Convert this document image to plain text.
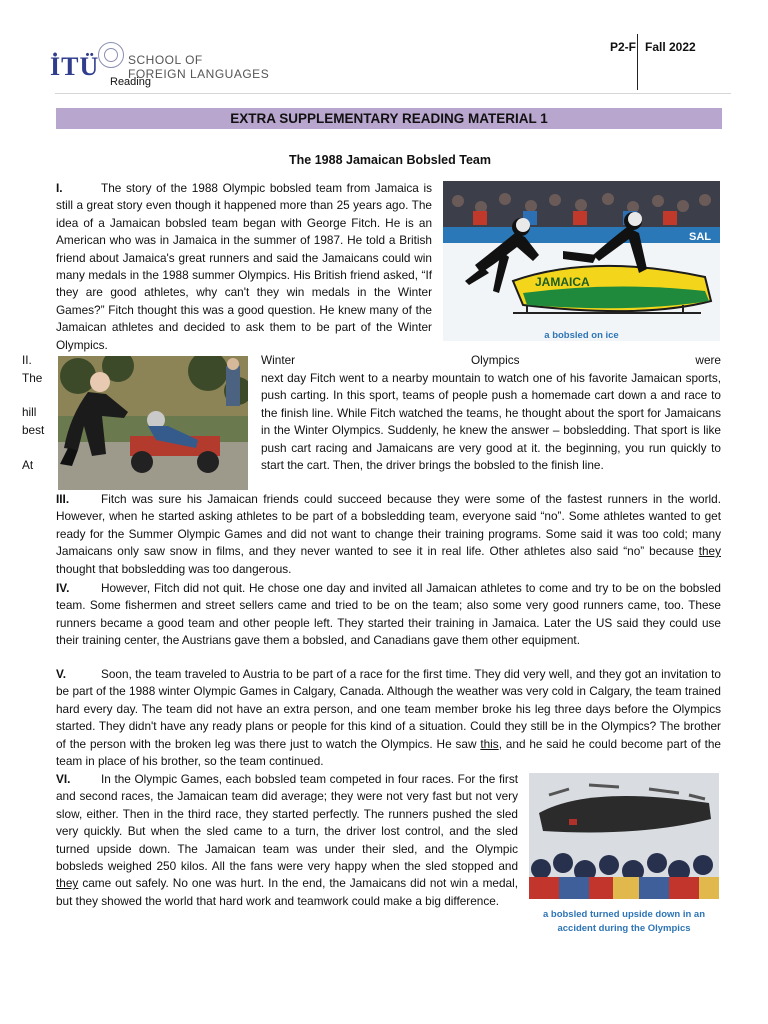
İTÜ SCHOOL OF
FOREIGN LANGUAGES
Reading
P2-F Fall 2022
EXTRA SUPPLEMENTARY READING MATERIAL 1
The 1988 Jamaican Bobsled Team
I.	The story of the 1988 Olympic bobsled team from Jamaica is still a great story even though it happened more than 25 years ago. The idea of a Jamaican bobsled team began with George Fitch. He is an American who was in Jamaica in the summer of 1987. He told a British friend about Jamaica's great runners and said the Jamaicans could win many medals in the 1988 summer Olympics. His British friend asked, “If they are good athletes, why can't they win medals in the Winter Games?” Fitch thought this was a good question. He knew many of the Jamaican athletes and decided to ask them to be part of the Winter Olympics.
SAL
JAMAICA
a bobsled on ice
II.
The
hill
best
At
Winter	Olympics	were
next day Fitch went to a nearby mountain to watch one of his favorite Jamaican sports, push carting. In this sport, teams of people push a homemade cart down a and race to the finish line. While Fitch watched the teams, he thought about the sport for Jamaicans in the Winter Olympics. Suddenly, he knew the answer – bobsledding. That sport is like push cart racing and Jamaicans are very good at it. the beginning, you run quickly to start the cart. Then, the driver brings the bobsled to the finish line.
III.	Fitch was sure his Jamaican friends could succeed because they were some of the fastest runners in the world. However, when he started asking athletes to be part of a bobsledding team, everyone said “no”. Some athletes wanted to get ready for the Summer Olympic Games and did not want to change their training programs. Some said it was too cold; many Jamaicans only saw snow in films, and they never wanted to see it in real life. Other athletes also said “no” because they thought that bobsledding was too dangerous.
IV.	However, Fitch did not quit. He chose one day and invited all Jamaican athletes to come and try to be on the bobsled team. Some fishermen and street sellers came and tried to be on the team; also some very good runners came, too. These runners became a good team and other people left. They started their training in Jamaica. Later the US said they could use their training center, the Austrians gave them a bobsled, and Canadians gave them other equipment.
V.	Soon, the team traveled to Austria to be part of a race for the first time. They did very well, and they got an invitation to be part of the 1988 winter Olympic Games in Calgary, Canada. Although the weather was very cold in Calgary, the team trained hard every day. The team did not have an extra person, and one team member broke his leg three days before the Olympics started. They didn't have any ready plans or people for this kind of a situation. Could they still be in the Olympics? The brother of the person with the broken leg was there just to watch the Olympics. He saw this, and he said he could become part of the team in place of his brother, so the team continued.
VI.	In the Olympic Games, each bobsled team competed in four races. For the first and second races, the Jamaican team did average; they were not very fast but not very slow, either. Then in the third race, they started perfectly. The runners pushed the sled very quickly. But when the sled came to a turn, the driver lost control, and the sled turned upside down. The Jamaican team was under their sled, and the Olympic bobsleds weighed 250 kilos. All the fans were very happy when the sled stopped and they came out safely. No one was hurt. In the end, the Jamaicans did not win a medal, but they showed the world that hard work and teamwork could make a big difference.
a bobsled turned upside down in an
accident during the Olympics
